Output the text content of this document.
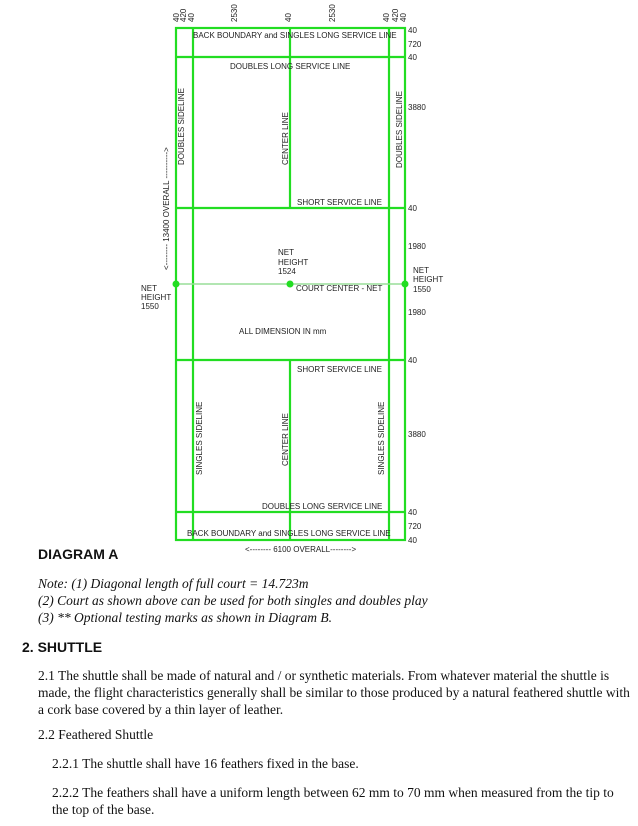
40
420 40	2530	40	2530	40 420 40
BACK BOUNDARY and SINGLES LONG SERVICE LINE
DOUBLES LONG SERVICE LINE
SHORT SERVICE LINE
NET
HEIGHT
1524
COURT CENTER - NET
NET
HEIGHT
1550
NET
HEIGHT
1550
ALL DIMENSION IN mm
SHORT SERVICE LINE
DOUBLES LONG SERVICE LINE
BACK BOUNDARY and SINGLES LONG SERVICE LINE
<-------- 6100 OVERALL-------->
DOUBLES SIDELINE	CENTER LINE	DOUBLES SIDELINE
<-------- 13400 OVERALL ---------->
SINGLES SIDELINE	CENTER LINE	SINGLES SIDELINE
40
720
40
3880
40
1980
1980
40
3880
40
720
40
DIAGRAM A
Note: (1) Diagonal length of full court = 14.723m
(2) Court as shown above can be used for both singles and doubles play
(3) ** Optional testing marks as shown in Diagram B.
2. SHUTTLE
2.1 The shuttle shall be made of natural and / or synthetic materials. From whatever material the shuttle is made, the flight characteristics generally shall be similar to those produced by a natural feathered shuttle with a cork base covered by a thin layer of leather.
2.2 Feathered Shuttle
2.2.1 The shuttle shall have 16 feathers fixed in the base.
2.2.2 The feathers shall have a uniform length between 62 mm to 70 mm when measured from the tip to the top of the base.
